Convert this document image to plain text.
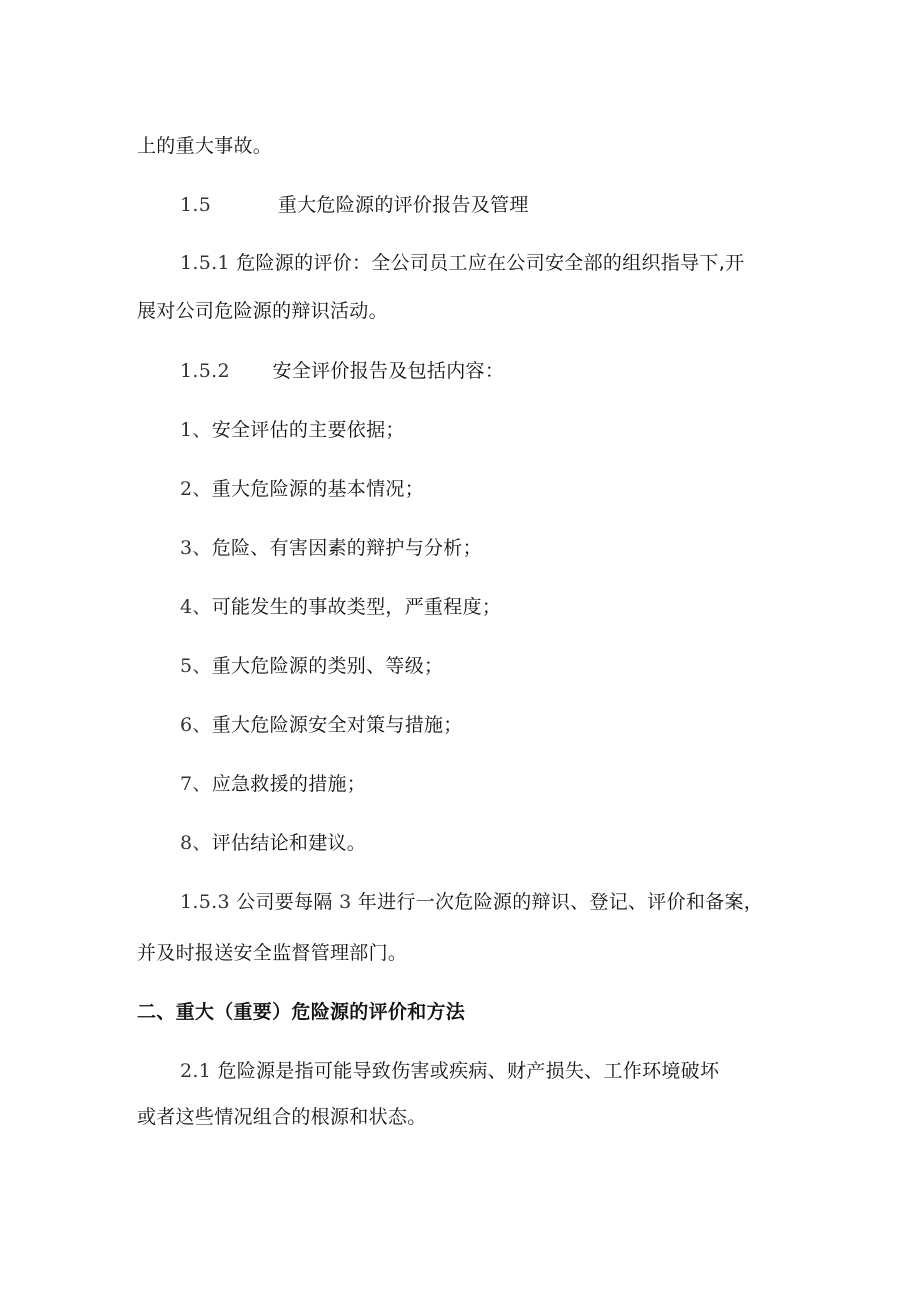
上的重大事故。
1.5	重大危险源的评价报告及管理
1.5.1 危险源的评价：全公司员工应在公司安全部的组织指导下,开
展对公司危险源的辩识活动。
1.5.2 安全评价报告及包括内容：
1、安全评估的主要依据；
2、重大危险源的基本情况；
3、危险、有害因素的辩护与分析；
4、可能发生的事故类型，严重程度；
5、重大危险源的类别、等级；
6、重大危险源安全对策与措施；
7、应急救援的措施；
8、评估结论和建议。
1.5.3 公司要每隔 3 年进行一次危险源的辩识、登记、评价和备案，
并及时报送安全监督管理部门。
二、重大（重要）危险源的评价和方法
2.1 危险源是指可能导致伤害或疾病、财产损失、工作环境破坏
或者这些情况组合的根源和状态。
